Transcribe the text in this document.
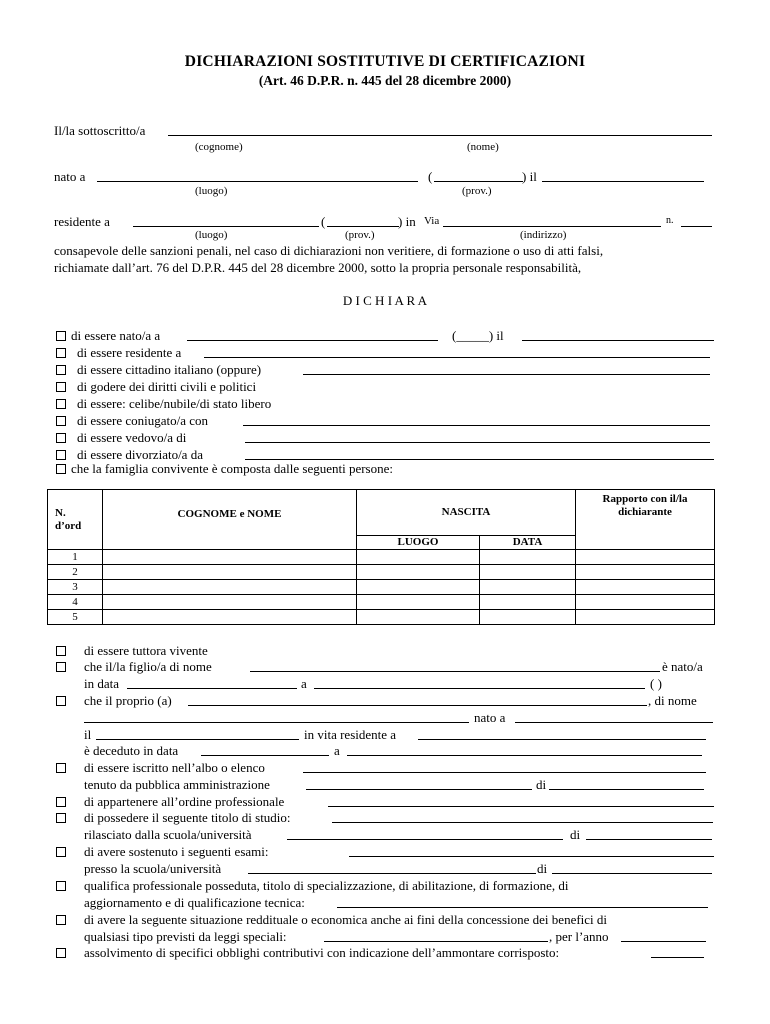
DICHIARAZIONI SOSTITUTIVE DI CERTIFICAZIONI
(Art. 46 D.P.R. n. 445 del 28 dicembre 2000)
Il/la sottoscritto/a
(cognome)	(nome)
nato a	(	) il
(luogo)	(prov.)
residente a	(	) in Via	n.
(luogo)	(prov.)	(indirizzo)
consapevole delle sanzioni penali, nel caso di dichiarazioni non veritiere, di formazione o uso di atti falsi,
richiamate dall’art. 76 del D.P.R. 445 del 28 dicembre 2000, sotto la propria personale responsabilità,
D I C H I A R A
di essere nato/a a	(_____) il
di essere residente a
di essere cittadino italiano (oppure)
di godere dei diritti civili e politici
di essere: celibe/nubile/di stato libero
di essere coniugato/a con
di essere vedovo/a di
di essere divorziato/a da
che la famiglia convivente è composta dalle seguenti persone:
N. d’ord	COGNOME e NOME	NASCITA		Rapporto con il/la dichiarante

		LUOGO	DATA	
1				
2				
3				
4				
5				
di essere tuttora vivente
che il/la figlio/a di nome	è nato/a
in data	a	( )
che il proprio (a)	, di nome
nato a
il	in vita residente a
è deceduto in data	a
di essere iscritto nell’albo o elenco
tenuto da pubblica amministrazione	di
di appartenere all’ordine professionale
di possedere il seguente titolo di studio:
rilasciato dalla scuola/università	di
di avere sostenuto i seguenti esami:
presso la scuola/università	di
qualifica professionale posseduta, titolo di specializzazione, di abilitazione, di formazione, di
aggiornamento e di qualificazione tecnica:
di avere la seguente situazione reddituale o economica anche ai fini della concessione dei benefici di
qualsiasi tipo previsti da leggi speciali:	, per l’anno
assolvimento di specifici obblighi contributivi con indicazione dell’ammontare corrisposto:
